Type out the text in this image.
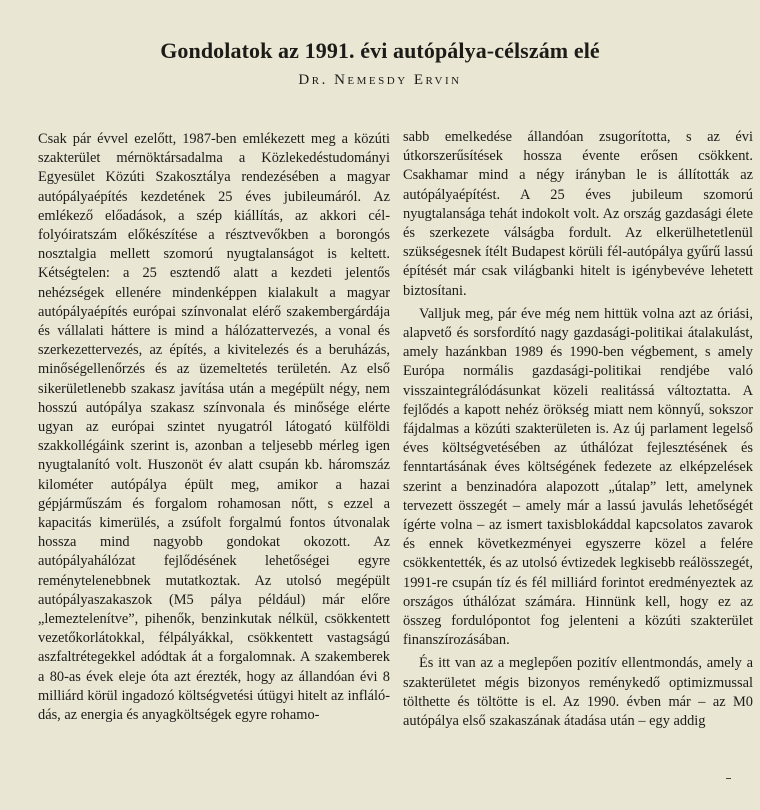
Gondolatok az 1991. évi autópálya-célszám elé
Dr. Nemesdy Ervin

Csak pár évvel ezelőtt, 1987-ben emlékezett meg a közúti szakterület mérnöktársadalma a Közlekedéstudományi Egyesület Közúti Szakosztálya rendezésében a magyar autópályaépítés kezdetének 25 éves jubileumáról. Az emlékező előadások, a szép kiállítás, az akkori cél-folyóiratszám előkészítése a résztvevőkben a borongós nosztalgia mellett szomorú nyugtalanságot is keltett. Kétségtelen: a 25 esztendő alatt a kezdeti jelentős nehézségek ellenére mindenképpen kialakult a magyar autópályaépítés európai színvonalat elérő szakembergárdája és vállalati háttere is mind a hálózattervezés, a vonal és szerkezettervezés, az építés, a kivitelezés és a beruházás, minőségellenőrzés és az üzemeltetés területén. Az első sikerületlenebb szakasz javítása után a megépült négy, nem hosszú autópálya szakasz színvonala és minősége elérte ugyan az európai szintet nyugatról látogató külföldi szakkollégáink szerint is, azonban a teljesebb mérleg igen nyugtalanító volt. Huszonöt év alatt csupán kb. háromszáz kilométer autópálya épült meg, amikor a hazai gépjárműszám és forgalom rohamosan nőtt, s ezzel a kapacitás kimerülés, a zsúfolt forgalmú fontos útvonalak hossza mind nagyobb gondokat okozott. Az autópályahálózat fejlődésének lehetőségei egyre reménytelenebbnek mutatkoztak. Az utolsó megépült autópályaszakaszok (M5 pálya például) már előre „lemeztelenítve”, pihenők, benzinkutak nélkül, csökkentett vezetőkorlátokkal, félpályákkal, csökkentett vastagságú aszfaltrétegekkel adódtak át a forgalomnak. A szakemberek a 80-as évek eleje óta azt érezték, hogy az állandóan évi 8 milliárd körül ingadozó költségvetési útügyi hitelt az inflálódás, az energia és anyagköltségek egyre rohamo-

sabb emelkedése állandóan zsugorította, s az évi útkorszerűsítések hossza évente erősen csökkent. Csakhamar mind a négy irányban le is állították az autópályaépítést. A 25 éves jubileum szomorú nyugtalansága tehát indokolt volt. Az ország gazdasági élete és szerkezete válságba fordult. Az elkerülhetetlenül szükségesnek ítélt Budapest körüli fél-autópálya gyűrű lassú építését már csak világbanki hitelt is igénybevéve lehetett biztosítani.

Valljuk meg, pár éve még nem hittük volna azt az óriási, alapvető és sorsfordító nagy gazdasági-politikai átalakulást, amely hazánkban 1989 és 1990-ben végbement, s amely Európa normális gazdasági-politikai rendjébe való visszaintegrálódásunkat közeli realitássá változtatta. A fejlődés a kapott nehéz örökség miatt nem könnyű, sokszor fájdalmas a közúti szakterületen is. Az új parlament legelső éves költségvetésében az úthálózat fejlesztésének és fenntartásának éves költségének fedezete az elképzelések szerint a benzinadóra alapozott „útalap” lett, amelynek tervezett összegét – amely már a lassú javulás lehetőségét ígérte volna – az ismert taxisblokáddal kapcsolatos zavarok és ennek következményei egyszerre közel a felére csökkentették, és az utolsó évtizedek legkisebb reálösszegét, 1991-re csupán tíz és fél milliárd forintot eredményeztek az országos úthálózat számára. Hinnünk kell, hogy ez az összeg fordulópontot fog jelenteni a közúti szakterület finanszírozásában.

És itt van az a meglepően pozitív ellentmondás, amely a szakterületet mégis bizonyos reménykedő optimizmussal tölthette és töltötte is el. Az 1990. évben már – az M0 autópálya első szakaszának átadása után – egy addig
